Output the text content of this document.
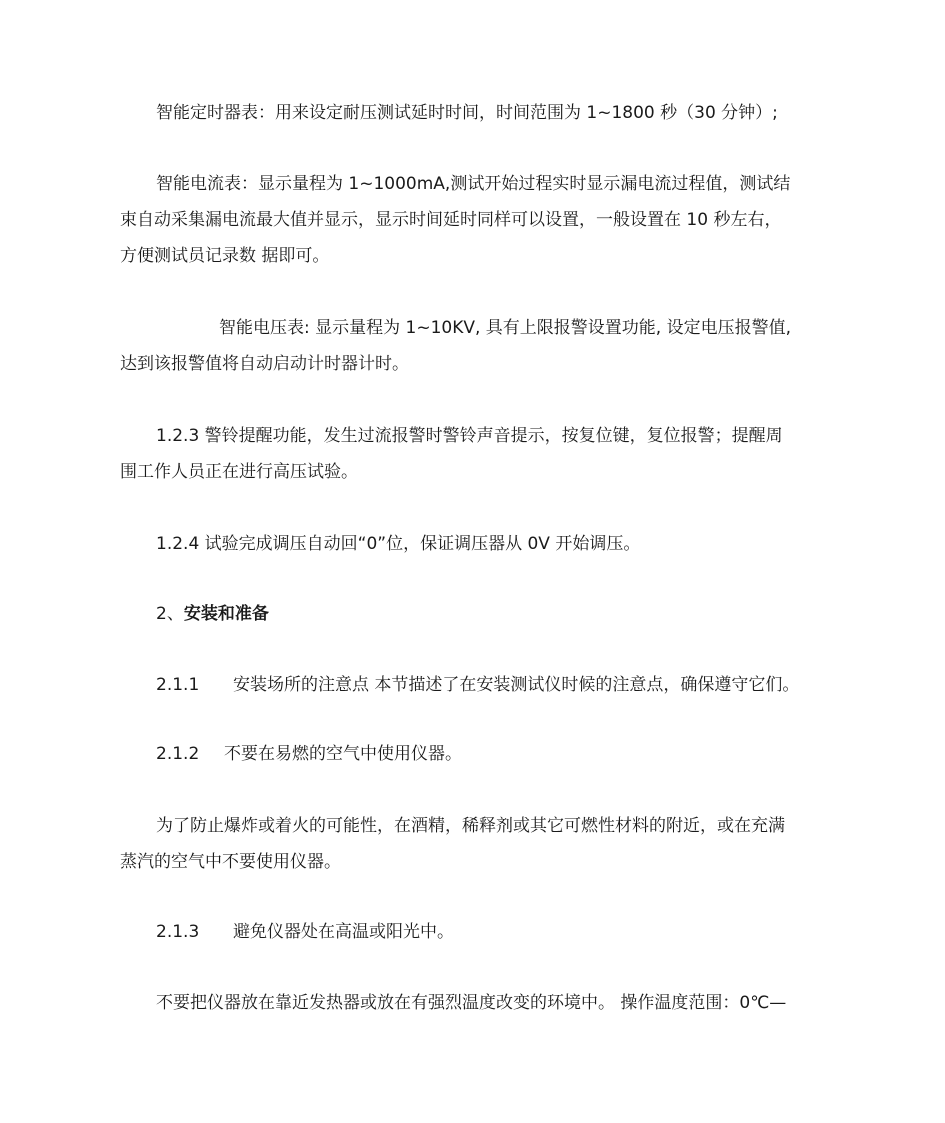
智能定时器表：用来设定耐压测试延时时间，时间范围为 1~1800 秒（30 分钟）;

智能电流表：显示量程为 1~1000mA,测试开始过程实时显示漏电流过程值，测试结

束自动采集漏电流最大值并显示，显示时间延时同样可以设置，一般设置在 10 秒左右，

方便测试员记录数 据即可。

智能电压表: 显示量程为 1~10KV, 具有上限报警设置功能, 设定电压报警值,

达到该报警值将自动启动计时器计时。

1.2.3 警铃提醒功能，发生过流报警时警铃声音提示，按复位键，复位报警；提醒周

围工作人员正在进行高压试验。

1.2.4 试验完成调压自动回“0”位，保证调压器从 0V 开始调压。

2、安装和准备

2.1.1 安装场所的注意点 本节描述了在安装测试仪时候的注意点，确保遵守它们。

2.1.2 不要在易燃的空气中使用仪器。

为了防止爆炸或着火的可能性，在酒精，稀释剂或其它可燃性材料的附近，或在充满

蒸汽的空气中不要使用仪器。

2.1.3 避免仪器处在高温或阳光中。

不要把仪器放在靠近发热器或放在有强烈温度改变的环境中。 操作温度范围：0℃—
